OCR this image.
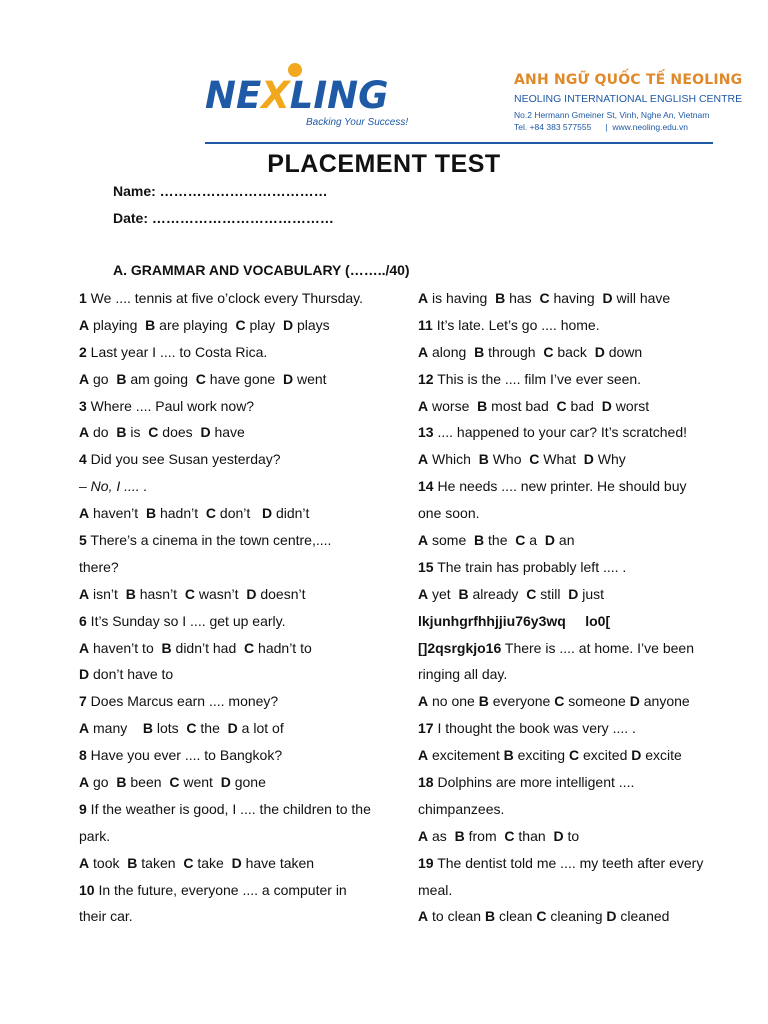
NEXLING
Backing Your Success!
ANH NGỮ QUỐC TẾ NEOLING
NEOLING INTERNATIONAL ENGLISH CENTRE
No.2 Hermann Gmeiner St, Vinh, Nghe An, Vietnam
Tel. +84 383 577555      |  www.neoling.edu.vn
PLACEMENT TEST
Name: ………………………………
Date: …………………………………
A. GRAMMAR AND VOCABULARY (……../40)
1 We .... tennis at five o’clock every Thursday.
A playing  B are playing  C play  D plays
2 Last year I .... to Costa Rica.
A go  B am going  C have gone  D went
3 Where .... Paul work now?
A do  B is  C does  D have
4 Did you see Susan yesterday?
– No, I .... .
A haven’t  B hadn’t  C don’t   D didn’t
5 There’s a cinema in the town centre,....
there?
A isn’t  B hasn’t  C wasn’t  D doesn’t
6 It’s Sunday so I .... get up early.
A haven’t to  B didn’t had  C hadn’t to
D don’t have to
7 Does Marcus earn .... money?
A many    B lots  C the  D a lot of
8 Have you ever .... to Bangkok?
A go  B been  C went  D gone
9 If the weather is good, I .... the children to the
park.
A took  B taken  C take  D have taken
10 In the future, everyone .... a computer in
their car.
A is having  B has  C having  D will have
11 It’s late. Let’s go .... home.
A along  B through  C back  D down
12 This is the .... film I’ve ever seen.
A worse  B most bad  C bad  D worst
13 .... happened to your car? It’s scratched!
A Which  B Who  C What  D Why
14 He needs .... new printer. He should buy
one soon.
A some  B the  C a  D an
15 The train has probably left .... .
A yet  B already  C still  D just
lkjunhgrfhhjjiu76y3wq     lo0[
[]2qsrgkjo16 There is .... at home. I’ve been
ringing all day.
A no one B everyone C someone D anyone
17 I thought the book was very .... .
A excitement B exciting C excited D excite
18 Dolphins are more intelligent ....
chimpanzees.
A as  B from  C than  D to
19 The dentist told me .... my teeth after every
meal.
A to clean B clean C cleaning D cleaned
